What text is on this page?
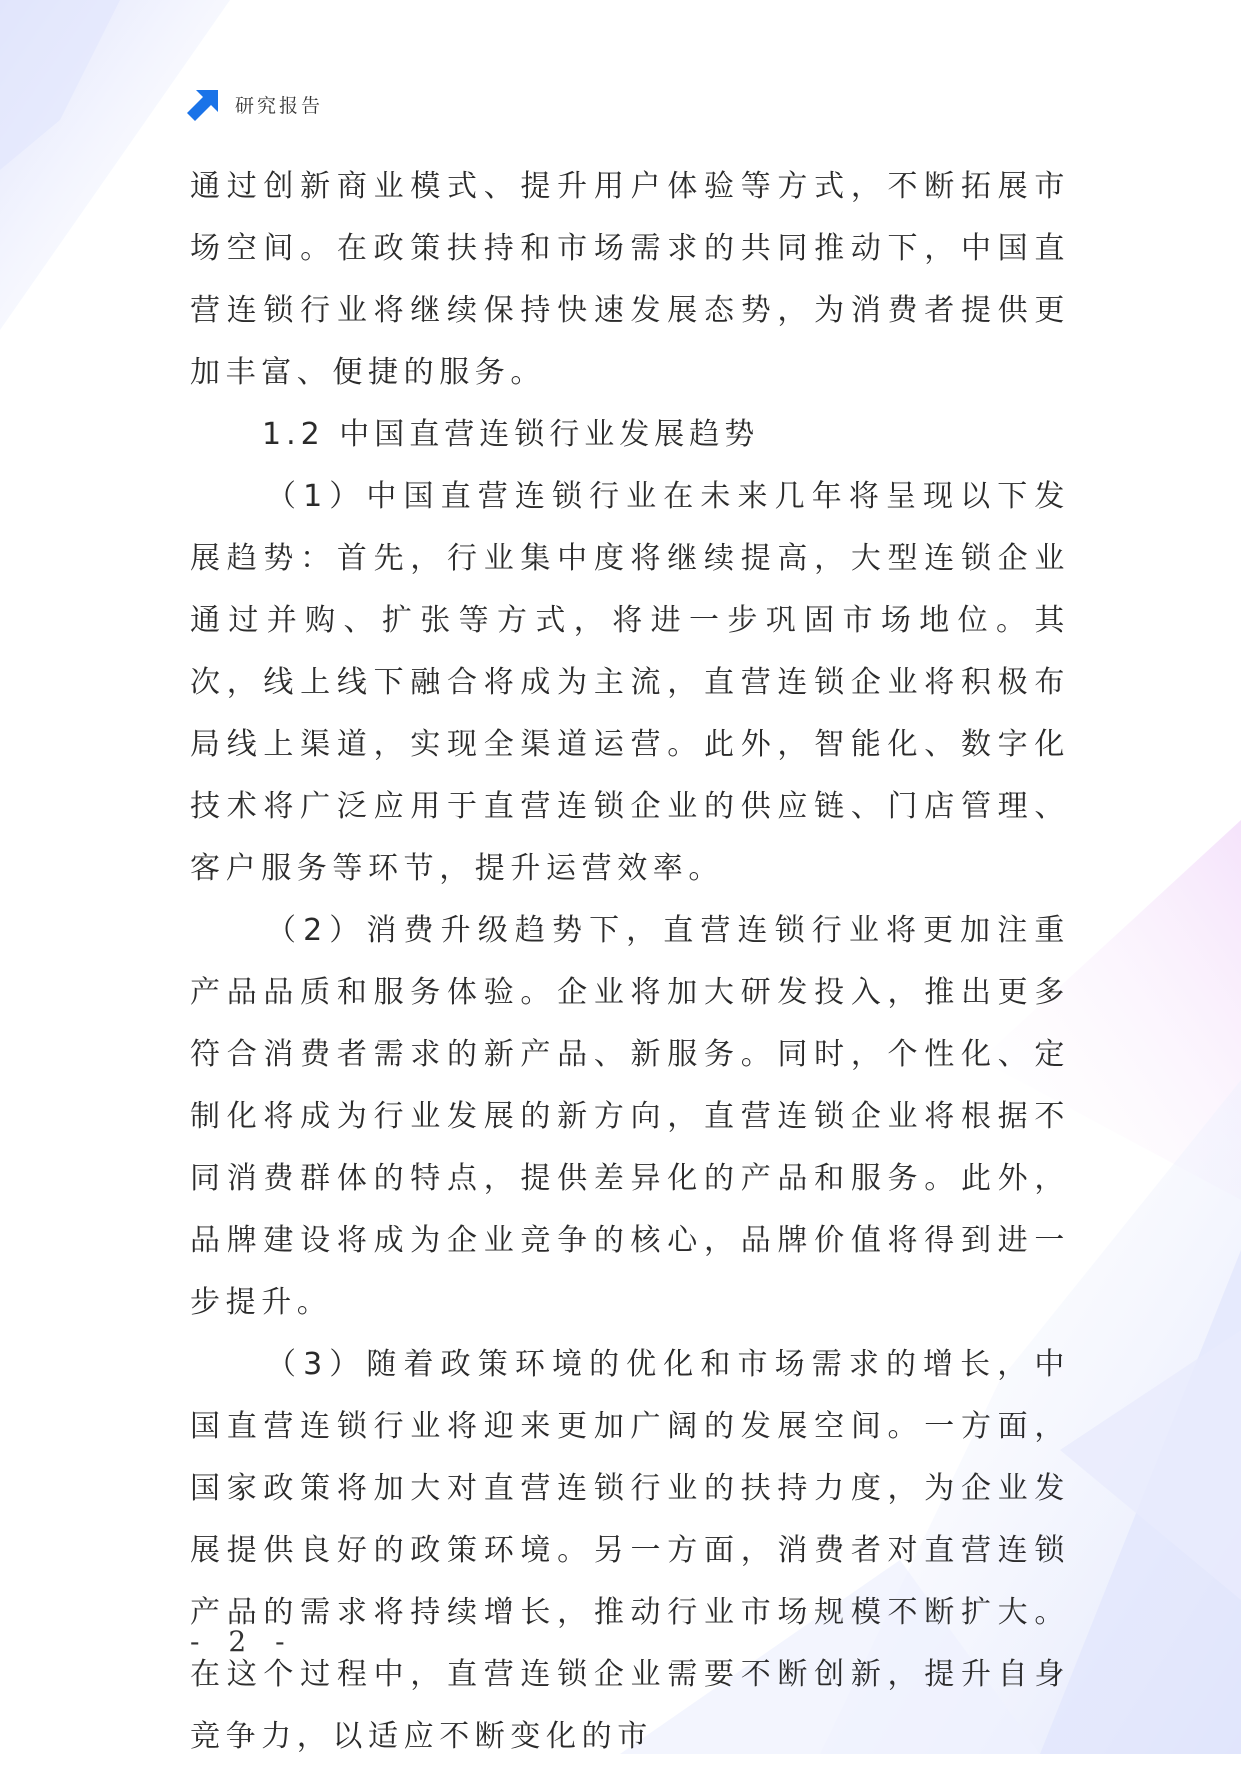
研究报告

通过创新商业模式、提升用户体验等方式，不断拓展市场空间。在政策扶持和市场需求的共同推动下，中国直营连锁行业将继续保持快速发展态势，为消费者提供更加丰富、便捷的服务。

1.2 中国直营连锁行业发展趋势

（1）中国直营连锁行业在未来几年将呈现以下发展趋势：首先，行业集中度将继续提高，大型连锁企业通过并购、扩张等方式，将进一步巩固市场地位。其次，线上线下融合将成为主流，直营连锁企业将积极布局线上渠道，实现全渠道运营。此外，智能化、数字化技术将广泛应用于直营连锁企业的供应链、门店管理、客户服务等环节，提升运营效率。

（2）消费升级趋势下，直营连锁行业将更加注重产品品质和服务体验。企业将加大研发投入，推出更多符合消费者需求的新产品、新服务。同时，个性化、定制化将成为行业发展的新方向，直营连锁企业将根据不同消费群体的特点，提供差异化的产品和服务。此外，品牌建设将成为企业竞争的核心，品牌价值将得到进一步提升。

（3）随着政策环境的优化和市场需求的增长，中国直营连锁行业将迎来更加广阔的发展空间。一方面，国家政策将加大对直营连锁行业的扶持力度，为企业发展提供良好的政策环境。另一方面，消费者对直营连锁产品的需求将持续增长，推动行业市场规模不断扩大。在这个过程中，直营连锁企业需要不断创新，提升自身竞争力，以适应不断变化的市

- 2 -
